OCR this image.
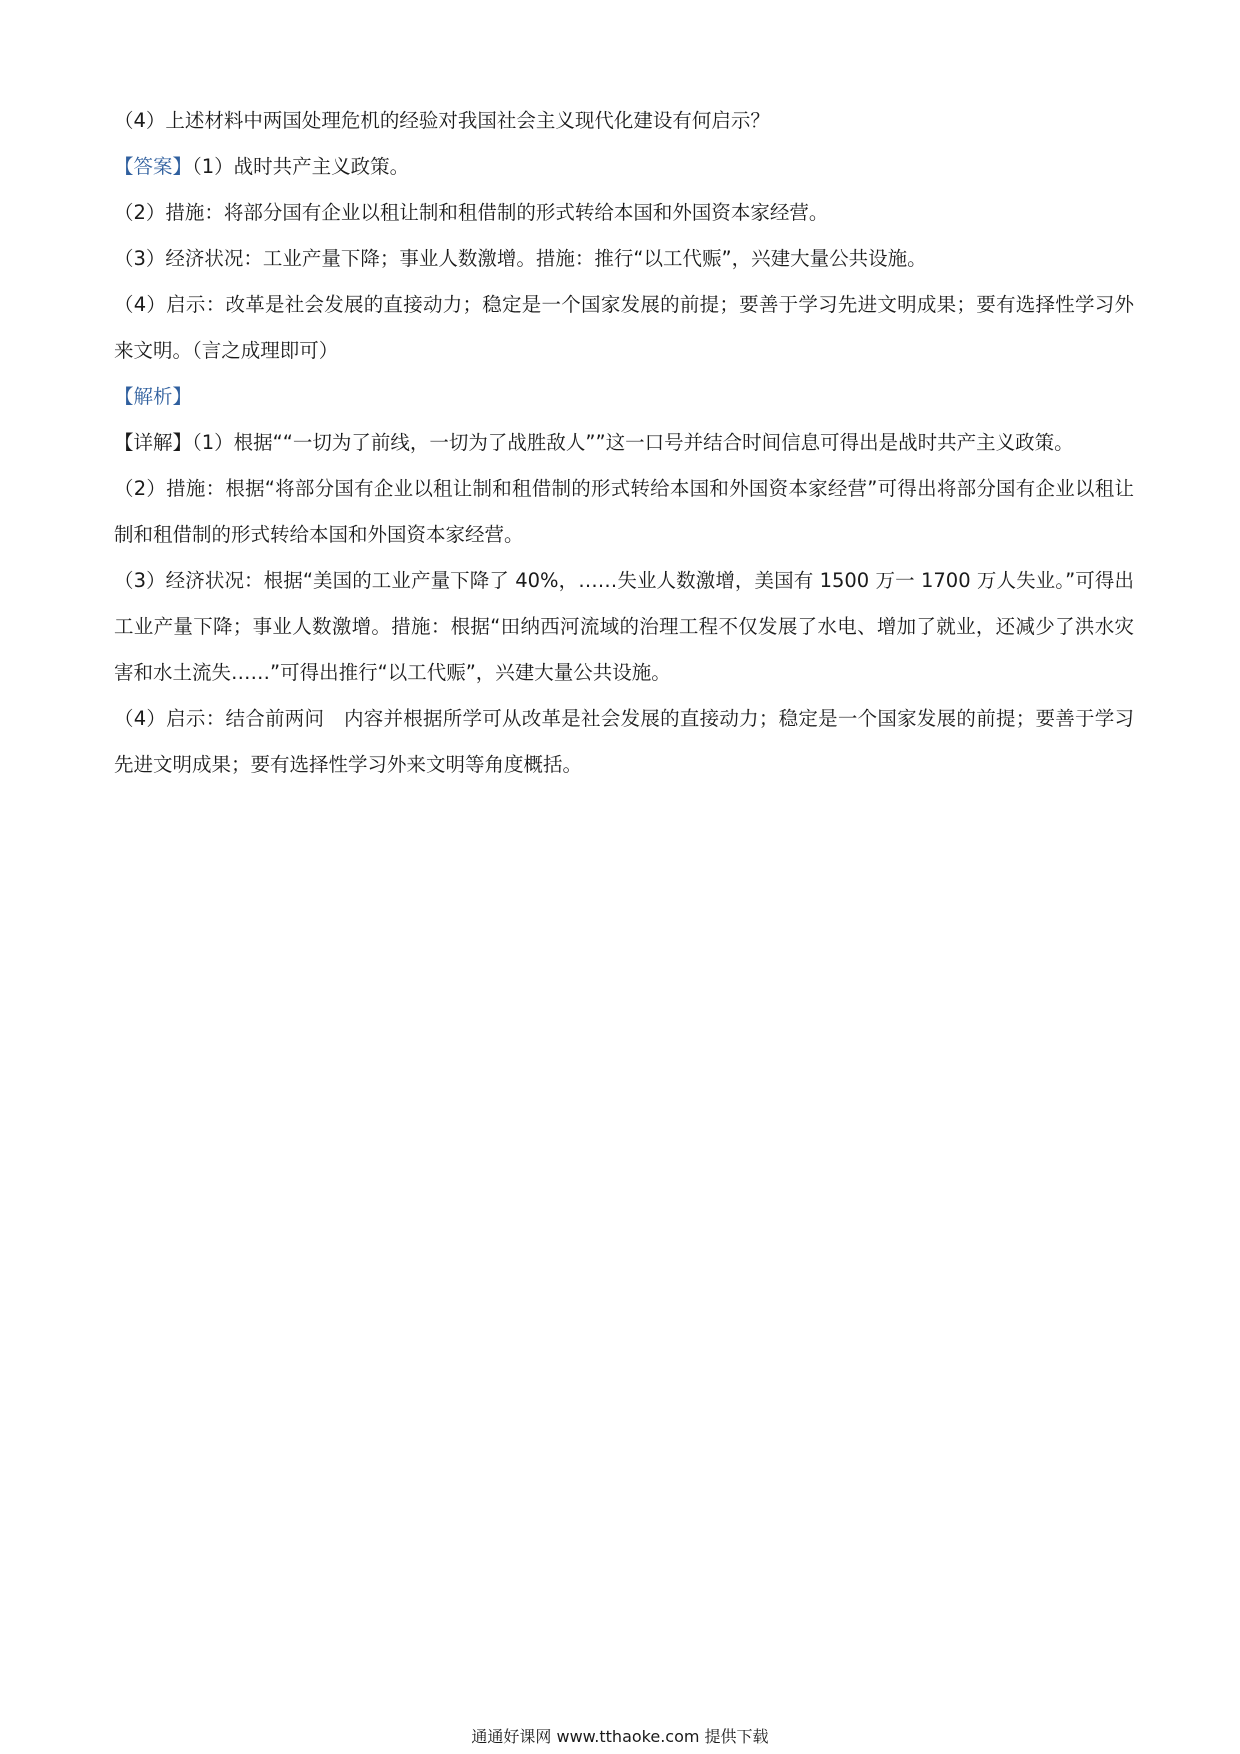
（4）上述材料中两国处理危机的经验对我国社会主义现代化建设有何启示？

【答案】（1）战时共产主义政策。

（2）措施：将部分国有企业以租让制和租借制的形式转给本国和外国资本家经营。

（3）经济状况：工业产量下降；事业人数激增。措施：推行“以工代赈”，兴建大量公共设施。

（4）启示：改革是社会发展的直接动力；稳定是一个国家发展的前提；要善于学习先进文明成果；要有选择性学习外来文明。（言之成理即可）

【解析】

【详解】（1）根据““一切为了前线，一切为了战胜敌人””这一口号并结合时间信息可得出是战时共产主义政策。

（2）措施：根据“将部分国有企业以租让制和租借制的形式转给本国和外国资本家经营”可得出将部分国有企业以租让制和租借制的形式转给本国和外国资本家经营。

（3）经济状况：根据“美国的工业产量下降了 40%，……失业人数激增，美国有 1500 万一 1700 万人失业。”可得出工业产量下降；事业人数激增。措施：根据“田纳西河流域的治理工程不仅发展了水电、增加了就业，还减少了洪水灾害和水土流失……”可得出推行“以工代赈”，兴建大量公共设施。

（4）启示：结合前两问　内容并根据所学可从改革是社会发展的直接动力；稳定是一个国家发展的前提；要善于学习先进文明成果；要有选择性学习外来文明等角度概括。

通通好课网 www.tthaoke.com 提供下载
